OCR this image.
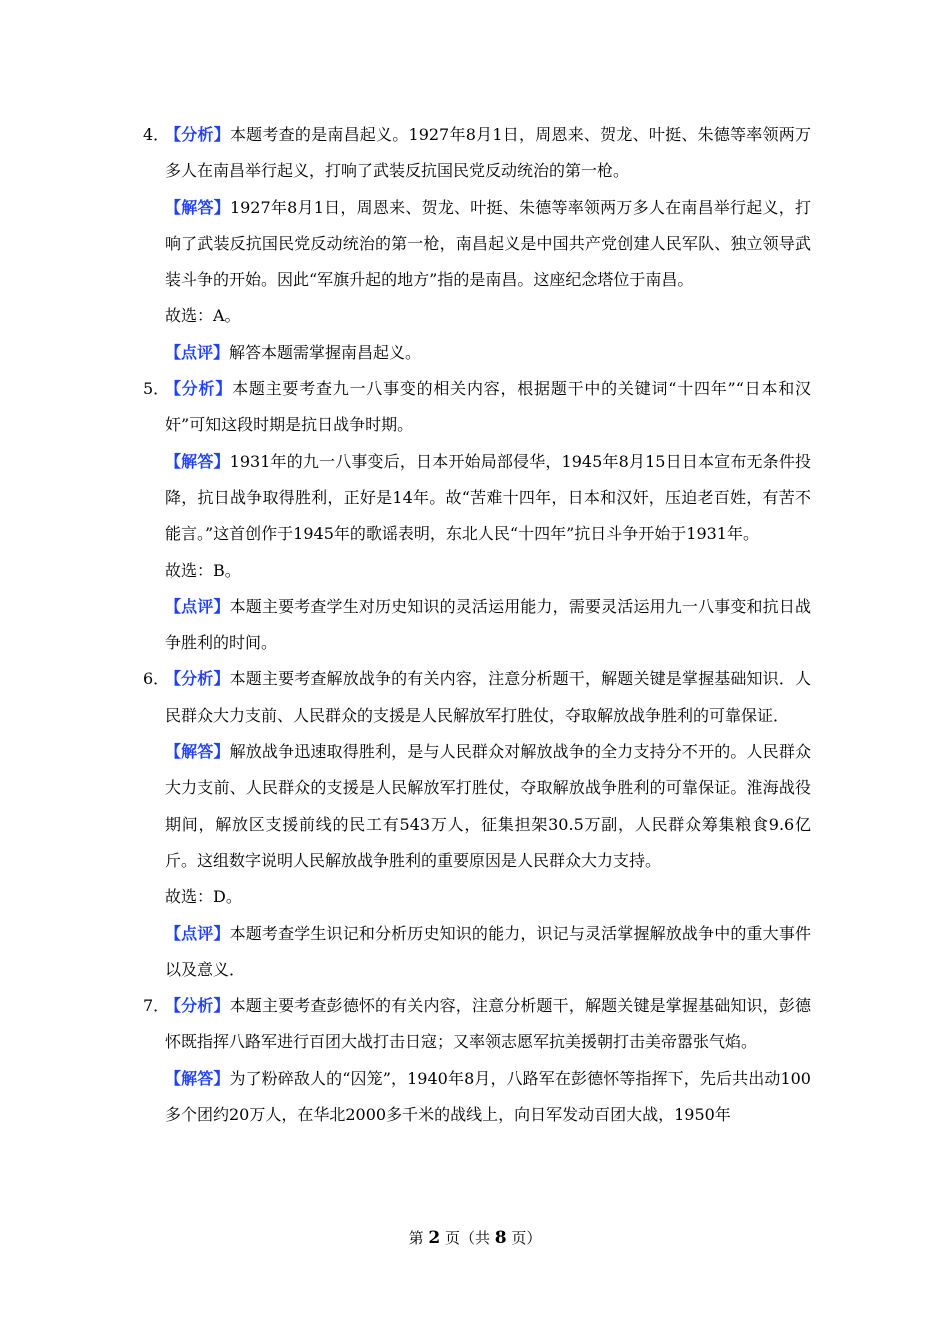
4．
【分析】本题考查的是南昌起义。1927年8月1日，周恩来、贺龙、叶挺、朱德等率领两万多人在南昌举行起义，打响了武装反抗国民党反动统治的第一枪。
【解答】1927年8月1日，周恩来、贺龙、叶挺、朱德等率领两万多人在南昌举行起义，打响了武装反抗国民党反动统治的第一枪，南昌起义是中国共产党创建人民军队、独立领导武装斗争的开始。因此“军旗升起的地方”指的是南昌。这座纪念塔位于南昌。
故选：A。
【点评】解答本题需掌握南昌起义。
5．
【分析】本题主要考查九一八事变的相关内容，根据题干中的关键词“十四年”“日本和汉奸”可知这段时期是抗日战争时期。
【解答】1931年的九一八事变后，日本开始局部侵华，1945年8月15日日本宣布无条件投降，抗日战争取得胜利，正好是14年。故“苦难十四年，日本和汉奸，压迫老百姓，有苦不能言。”这首创作于1945年的歌谣表明，东北人民“十四年”抗日斗争开始于1931年。
故选：B。
【点评】本题主要考查学生对历史知识的灵活运用能力，需要灵活运用九一八事变和抗日战争胜利的时间。
6．
【分析】本题主要考查解放战争的有关内容，注意分析题干，解题关键是掌握基础知识．人民群众大力支前、人民群众的支援是人民解放军打胜仗，夺取解放战争胜利的可靠保证．
【解答】解放战争迅速取得胜利，是与人民群众对解放战争的全力支持分不开的。人民群众大力支前、人民群众的支援是人民解放军打胜仗，夺取解放战争胜利的可靠保证。淮海战役期间，解放区支援前线的民工有543万人，征集担架30.5万副，人民群众筹集粮食9.6亿斤。这组数字说明人民解放战争胜利的重要原因是人民群众大力支持。
故选：D。
【点评】本题考查学生识记和分析历史知识的能力，识记与灵活掌握解放战争中的重大事件以及意义．
7．
【分析】本题主要考查彭德怀的有关内容，注意分析题干，解题关键是掌握基础知识，彭德怀既指挥八路军进行百团大战打击日寇；又率领志愿军抗美援朝打击美帝嚣张气焰。
【解答】为了粉碎敌人的“囚笼”，1940年8月，八路军在彭德怀等指挥下，先后共出动100多个团约20万人，在华北2000多千米的战线上，向日军发动百团大战，1950年
第 2 页（共 8 页）
